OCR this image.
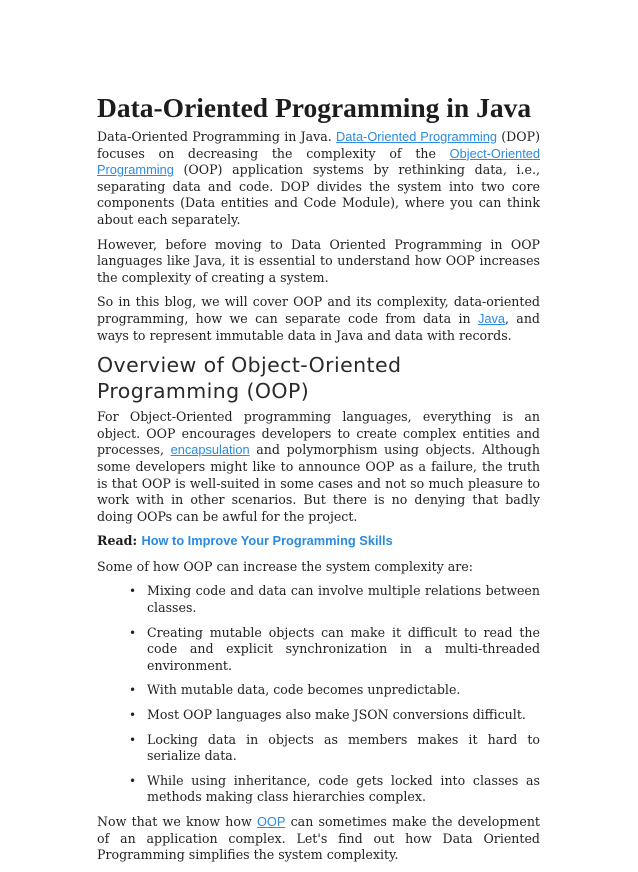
Data-Oriented Programming in Java

Data-Oriented Programming in Java. Data-Oriented Programming (DOP) focuses on decreasing the complexity of the Object-Oriented Programming (OOP) application systems by rethinking data, i.e., separating data and code. DOP divides the system into two core components (Data entities and Code Module), where you can think about each separately.

However, before moving to Data Oriented Programming in OOP languages like Java, it is essential to understand how OOP increases the complexity of creating a system.

So in this blog, we will cover OOP and its complexity, data-oriented programming, how we can separate code from data in Java, and ways to represent immutable data in Java and data with records.

Overview of Object-Oriented Programming (OOP)

For Object-Oriented programming languages, everything is an object. OOP encourages developers to create complex entities and processes, encapsulation and polymorphism using objects. Although some developers might like to announce OOP as a failure, the truth is that OOP is well-suited in some cases and not so much pleasure to work with in other scenarios. But there is no denying that badly doing OOPs can be awful for the project.

Read: How to Improve Your Programming Skills

Some of how OOP can increase the system complexity are:

• Mixing code and data can involve multiple relations between classes.
• Creating mutable objects can make it difficult to read the code and explicit synchronization in a multi-threaded environment.
• With mutable data, code becomes unpredictable.
• Most OOP languages also make JSON conversions difficult.
• Locking data in objects as members makes it hard to serialize data.
• While using inheritance, code gets locked into classes as methods making class hierarchies complex.

Now that we know how OOP can sometimes make the development of an application complex. Let's find out how Data Oriented Programming simplifies the system complexity.
